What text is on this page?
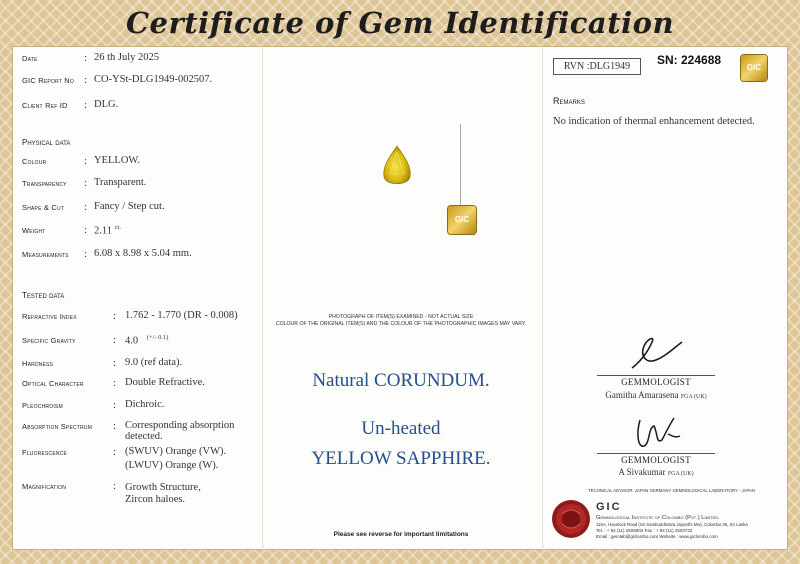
Certificate of Gem Identification
Date	: 26 th July 2025
GIC Report No : CO-YSt-DLG1949-002507.
Client Ref ID : DLG.
Physical data
Colour	: YELLOW.
Transparency : Transparent.
Shape & Cut : Fancy / Step cut.
Weight	: 2.11 $^{ct.}$
Measurements : 6.08 x 8.98 x 5.04 mm.
Tested data
Refractive Index	: 1.762 - 1.770 (DR - 0.008)
Specific Gravity	: 4.0 $^{(+/- 0.1)}$
Hardness	: 9.0 (ref data).
Optical Character	: Double Refractive.
Pleochroism	: Dichroic.
Absorption Spectrum : Corresponding absorption
detected.
Fluorescence	: (SWUV) Orange (VW).
(LWUV) Orange (W).
Magnification	: Growth Structure,
Zircon haloes.
GIC
PHOTOGRAPH OF ITEM(S) EXAMINED - NOT ACTUAL SIZE
COLOUR OF THE ORIGINAL ITEM(S) AND THE COLOUR OF THE PHOTOGRAPHIC IMAGES MAY VARY.
Natural CORUNDUM.
Un-heated
YELLOW SAPPHIRE.
Please see reverse for important limitations
RVN :DLG1949	SN: 224688
GIC
Remarks
No indication of thermal enhancement detected.
GEMMOLOGIST
Gamitha Amarasena FGA (UK)
GEMMOLOGIST
A Sivakumar FGA (UK)
TECHNICAL ADVISOR: JAPAN GERMANY GEMMOLOGICAL LABORATORY - JAPAN
GIC
Gemmological Institute of Colombo (Pvt.) Limited.
115A, Havelock Road (Sri Sambuddhatva Jayanthi Mw), Colombo 05, Sri Lanka
Tel. : + 94 (11) 2506902 Fax : + 94 (11) 2503732
Email : gemlab@giclombo.com Website : www.giclombo.com
